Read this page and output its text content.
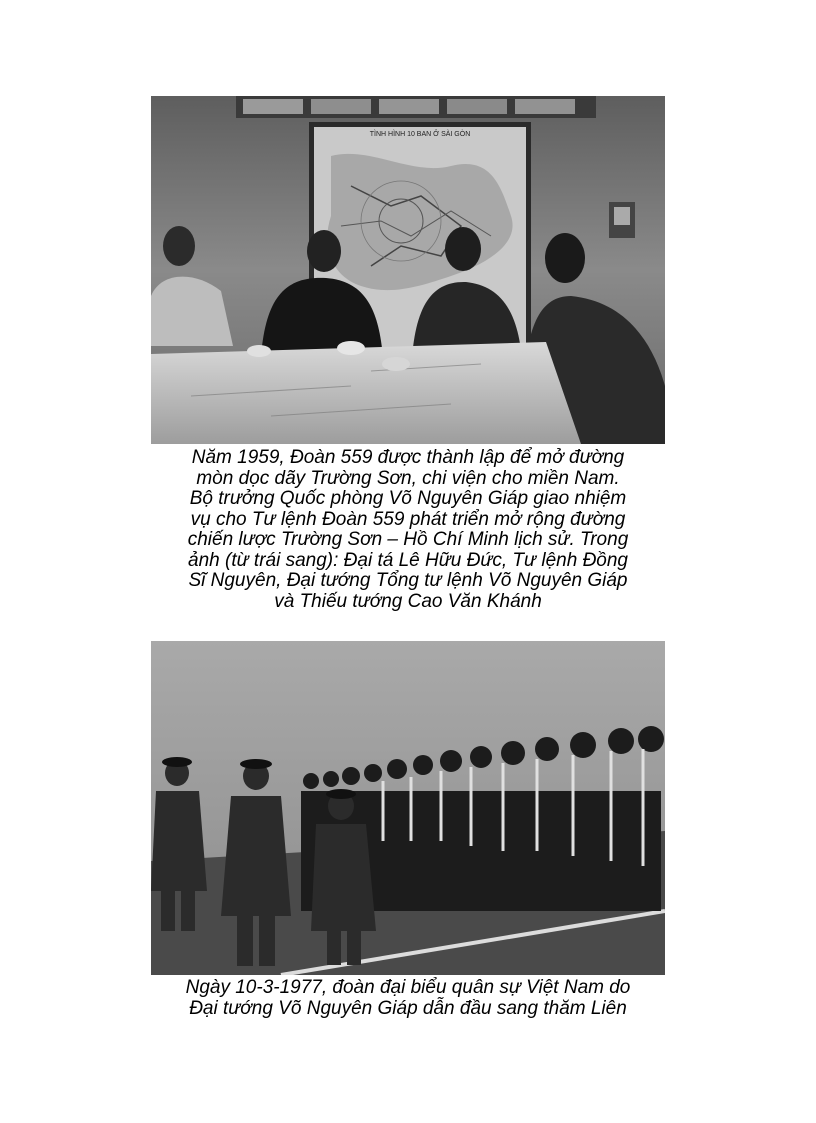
TÌNH HÌNH 10 BAN Ở SÀI GÒN
Năm 1959, Đoàn 559 được thành lập để mở đường
mòn dọc dãy Trường Sơn, chi viện cho miền Nam.
Bộ trưởng Quốc phòng Võ Nguyên Giáp giao nhiệm
vụ cho Tư lệnh Đoàn 559 phát triển mở rộng đường
chiến lược Trường Sơn – Hồ Chí Minh lịch sử. Trong
ảnh (từ trái sang): Đại tá Lê Hữu Đức, Tư lệnh Đồng
Sĩ Nguyên, Đại tướng Tổng tư lệnh Võ Nguyên Giáp
và Thiếu tướng Cao Văn Khánh
Ngày 10-3-1977, đoàn đại biểu quân sự Việt Nam do
Đại tướng Võ Nguyên Giáp dẫn đầu sang thăm Liên
